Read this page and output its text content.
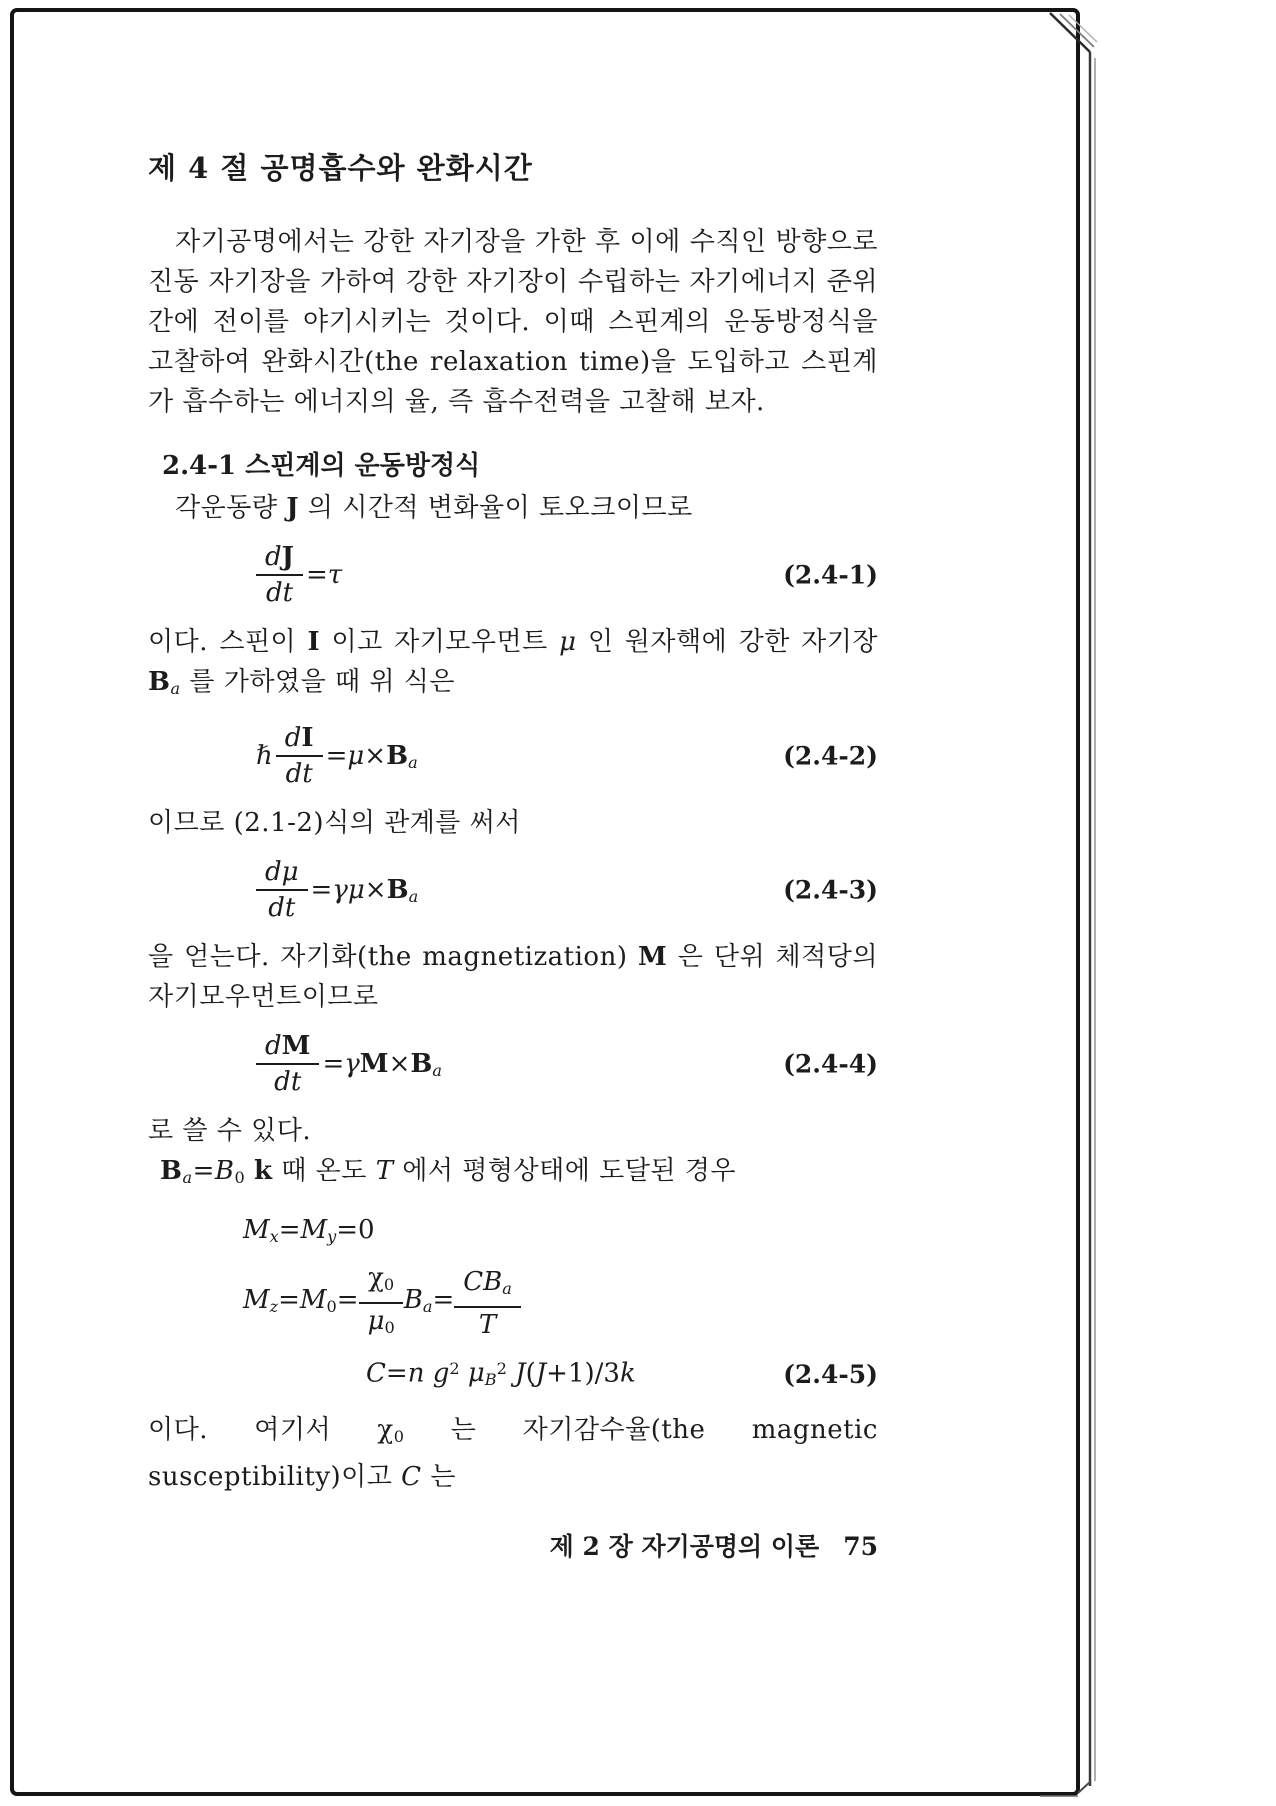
제 4 절 공명흡수와 완화시간

자기공명에서는 강한 자기장을 가한 후 이에 수직인 방향으로 진동 자기장을 가하여 강한 자기장이 수립하는 자기에너지 준위간에 전이를 야기시키는 것이다. 이때 스핀계의 운동방정식을 고찰하여 완화시간(the relaxation time)을 도입하고 스핀계가 흡수하는 에너지의 율, 즉 흡수전력을 고찰해 보자.

2.4-1 스핀계의 운동방정식

각운동량 J 의 시간적 변화율이 토오크이므로

$\frac{dJ}{dt} =\tau$	(2.4-1)

이다. 스핀이 I 이고 자기모우먼트 μ 인 원자핵에 강한 자기장 $B_a$ 를 가하였을 때 위 식은

ℏ $\frac{dI}{dt} =\mu\times B_a$	(2.4-2)

이므로 (2.1-2)식의 관계를 써서

$\frac{d\mu}{dt} =\gamma\mu\times B_a$	(2.4-3)

을 얻는다. 자기화(the magnetization) M 은 단위 체적당의 자기모우먼트이므로

$\frac{dM}{dt} =\gamma M\times B_a$	(2.4-4)

로 쓸 수 있다.

$B_a=B_0$ k 때 온도 T 에서 평형상태에 도달된 경우

$M_x=M_y=0$
$M_z=M_0= \frac{\chi_0}{\mu_0} B_a= \frac{CB_a}{T}$
C=n $g^2$ $\mu_B^2$ J(J+1)/3k	(2.4-5)

이다. 여기서 $\chi_0$ 는 자기감수율(the magnetic susceptibility)이고 C 는

제 2 장 자기공명의 이론 75
